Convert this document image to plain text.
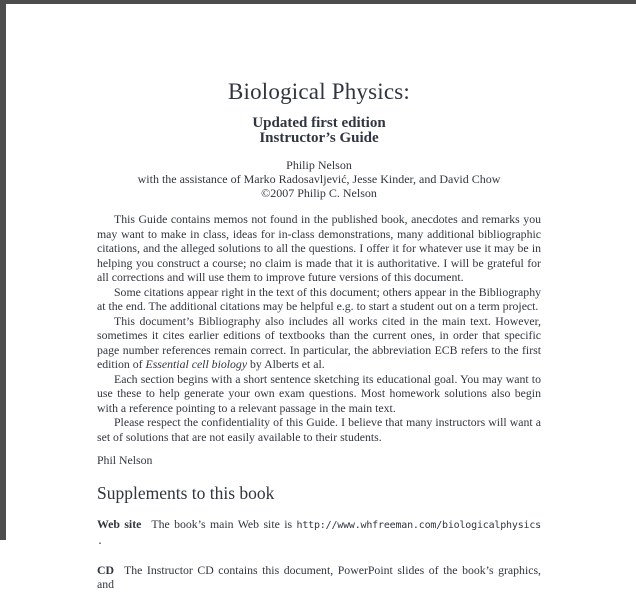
Biological Physics:
Updated first edition
Instructor’s Guide
Philip Nelson
with the assistance of Marko Radosavljević, Jesse Kinder, and David Chow
©2007 Philip C. Nelson

This Guide contains memos not found in the published book, anecdotes and remarks you may want to make in class, ideas for in-class demonstrations, many additional bibliographic citations, and the alleged solutions to all the questions. I offer it for whatever use it may be in helping you construct a course; no claim is made that it is authoritative. I will be grateful for all corrections and will use them to improve future versions of this document.

Some citations appear right in the text of this document; others appear in the Bibliography at the end. The additional citations may be helpful e.g. to start a student out on a term project.

This document’s Bibliography also includes all works cited in the main text. However, sometimes it cites earlier editions of textbooks than the current ones, in order that specific page number references remain correct. In particular, the abbreviation ECB refers to the first edition of Essential cell biology by Alberts et al.

Each section begins with a short sentence sketching its educational goal. You may want to use these to help generate your own exam questions. Most homework solutions also begin with a reference pointing to a relevant passage in the main text.

Please respect the confidentiality of this Guide. I believe that many instructors will want a set of solutions that are not easily available to their students.

Phil Nelson
Supplements to this book
Web site The book’s main Web site is http://www.whfreeman.com/biologicalphysics .
CD The Instructor CD contains this document, PowerPoint slides of the book’s graphics, and
